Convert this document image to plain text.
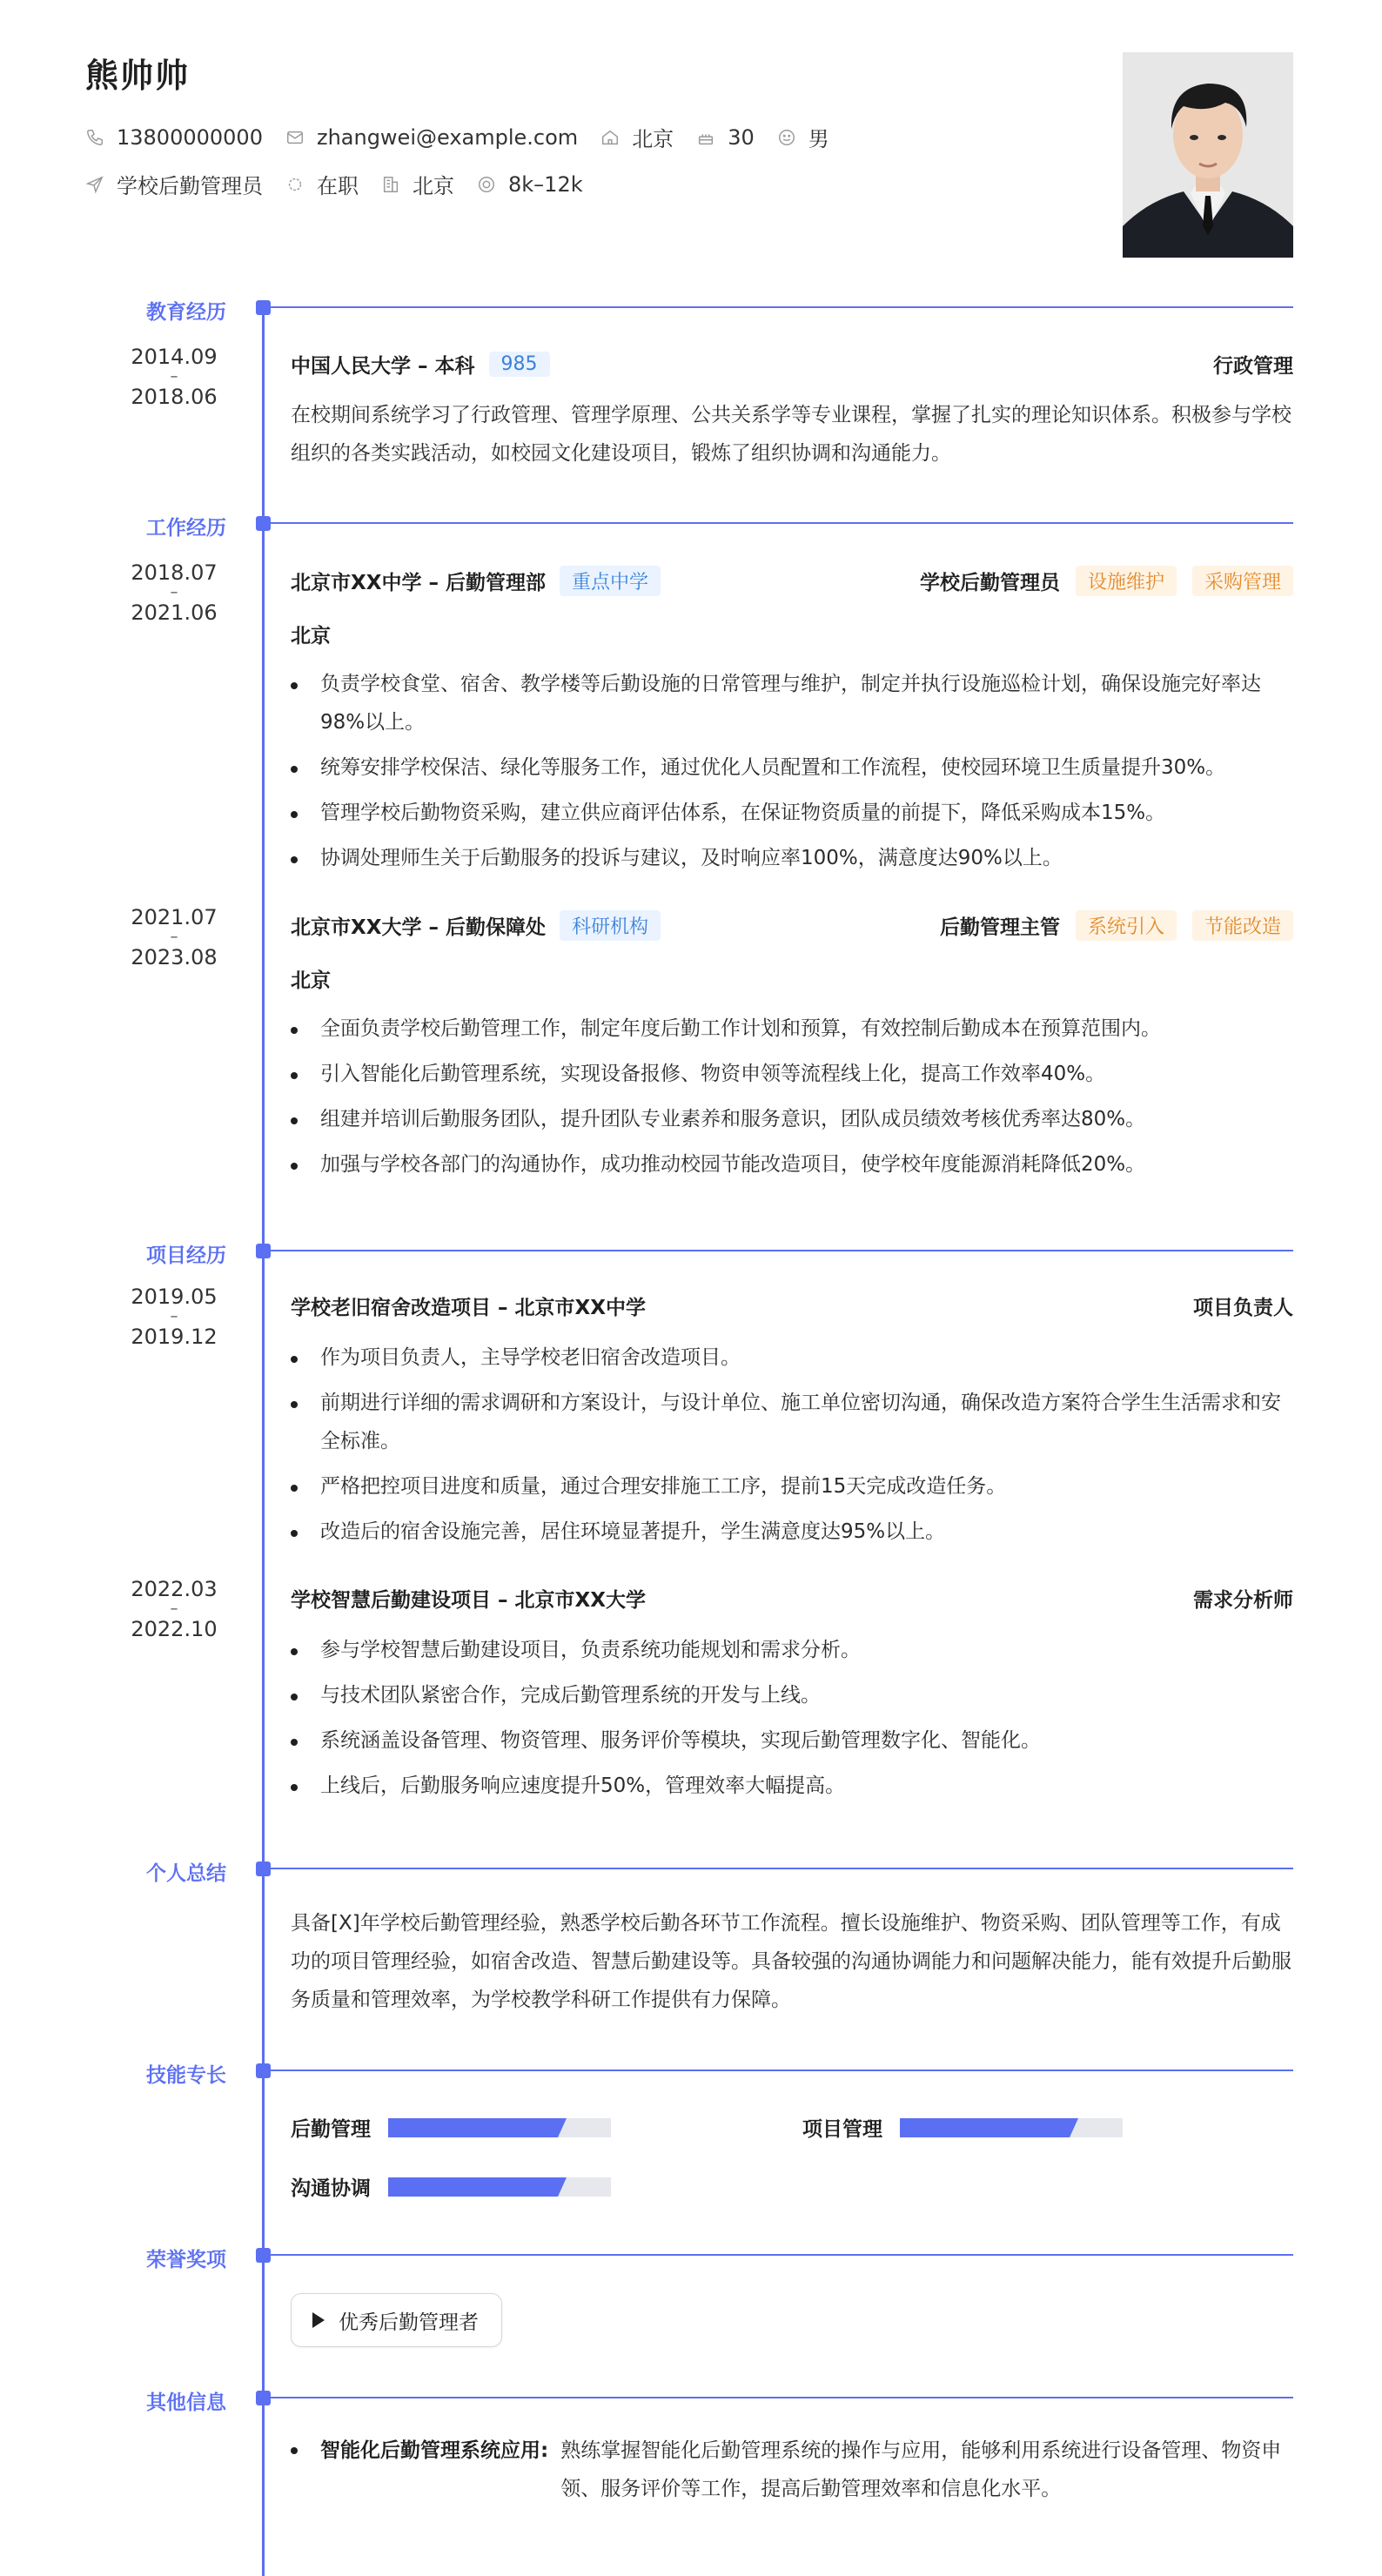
熊帅帅
13800000000	zhangwei@example.com	北京	30	男
学校后勤管理员	在职	北京	8k–12k
教育经历
2014.09
–
2018.06
中国人民大学 – 本科	985	行政管理
在校期间系统学习了行政管理、管理学原理、公共关系学等专业课程，掌握了扎实的理论知识体系。积极参与学校组织的各类实践活动，如校园文化建设项目，锻炼了组织协调和沟通能力。
工作经历
2018.07
–
2021.06
北京市XX中学 – 后勤管理部	重点中学	学校后勤管理员	设施维护	采购管理
北京
负责学校食堂、宿舍、教学楼等后勤设施的日常管理与维护，制定并执行设施巡检计划，确保设施完好率达98%以上。
统筹安排学校保洁、绿化等服务工作，通过优化人员配置和工作流程，使校园环境卫生质量提升30%。
管理学校后勤物资采购，建立供应商评估体系，在保证物资质量的前提下，降低采购成本15%。
协调处理师生关于后勤服务的投诉与建议，及时响应率100%，满意度达90%以上。
2021.07
–
2023.08
北京市XX大学 – 后勤保障处	科研机构	后勤管理主管	系统引入	节能改造
北京
全面负责学校后勤管理工作，制定年度后勤工作计划和预算，有效控制后勤成本在预算范围内。
引入智能化后勤管理系统，实现设备报修、物资申领等流程线上化，提高工作效率40%。
组建并培训后勤服务团队，提升团队专业素养和服务意识，团队成员绩效考核优秀率达80%。
加强与学校各部门的沟通协作，成功推动校园节能改造项目，使学校年度能源消耗降低20%。
项目经历
2019.05
–
2019.12
学校老旧宿舍改造项目 – 北京市XX中学	项目负责人
作为项目负责人，主导学校老旧宿舍改造项目。
前期进行详细的需求调研和方案设计，与设计单位、施工单位密切沟通，确保改造方案符合学生生活需求和安全标准。
严格把控项目进度和质量，通过合理安排施工工序，提前15天完成改造任务。
改造后的宿舍设施完善，居住环境显著提升，学生满意度达95%以上。
2022.03
–
2022.10
学校智慧后勤建设项目 – 北京市XX大学	需求分析师
参与学校智慧后勤建设项目，负责系统功能规划和需求分析。
与技术团队紧密合作，完成后勤管理系统的开发与上线。
系统涵盖设备管理、物资管理、服务评价等模块，实现后勤管理数字化、智能化。
上线后，后勤服务响应速度提升50%，管理效率大幅提高。
个人总结
具备[X]年学校后勤管理经验，熟悉学校后勤各环节工作流程。擅长设施维护、物资采购、团队管理等工作，有成功的项目管理经验，如宿舍改造、智慧后勤建设等。具备较强的沟通协调能力和问题解决能力，能有效提升后勤服务质量和管理效率，为学校教学科研工作提供有力保障。
技能专长
后勤管理	项目管理
沟通协调
荣誉奖项
优秀后勤管理者
其他信息
智能化后勤管理系统应用: 熟练掌握智能化后勤管理系统的操作与应用，能够利用系统进行设备管理、物资申领、服务评价等工作，提高后勤管理效率和信息化水平。
